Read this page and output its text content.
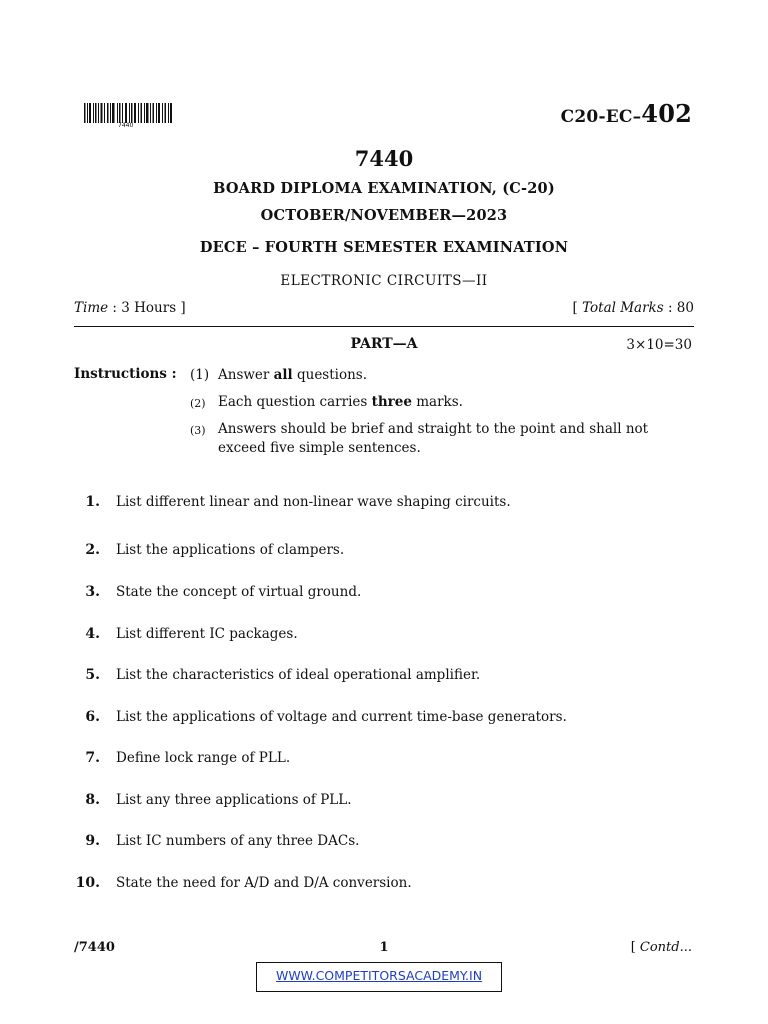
7440	C20-EC–402
7440
BOARD DIPLOMA EXAMINATION, (C-20)
OCTOBER/NOVEMBER—2023
DECE – FOURTH SEMESTER EXAMINATION
ELECTRONIC CIRCUITS—II
Time : 3 Hours ]	[ Total Marks : 80
PART—A	3×10=30
Instructions : (1) Answer all questions.
(2) Each question carries three marks.
(3) Answers should be brief and straight to the point and shall not exceed five simple sentences.
1. List different linear and non-linear wave shaping circuits.
2. List the applications of clampers.
3. State the concept of virtual ground.
4. List different IC packages.
5. List the characteristics of ideal operational amplifier.
6. List the applications of voltage and current time-base generators.
7. Define lock range of PLL.
8. List any three applications of PLL.
9. List IC numbers of any three DACs.
10. State the need for A/D and D/A conversion.
/7440	1	[ Contd...
WWW.COMPETITORSACADEMY.IN
